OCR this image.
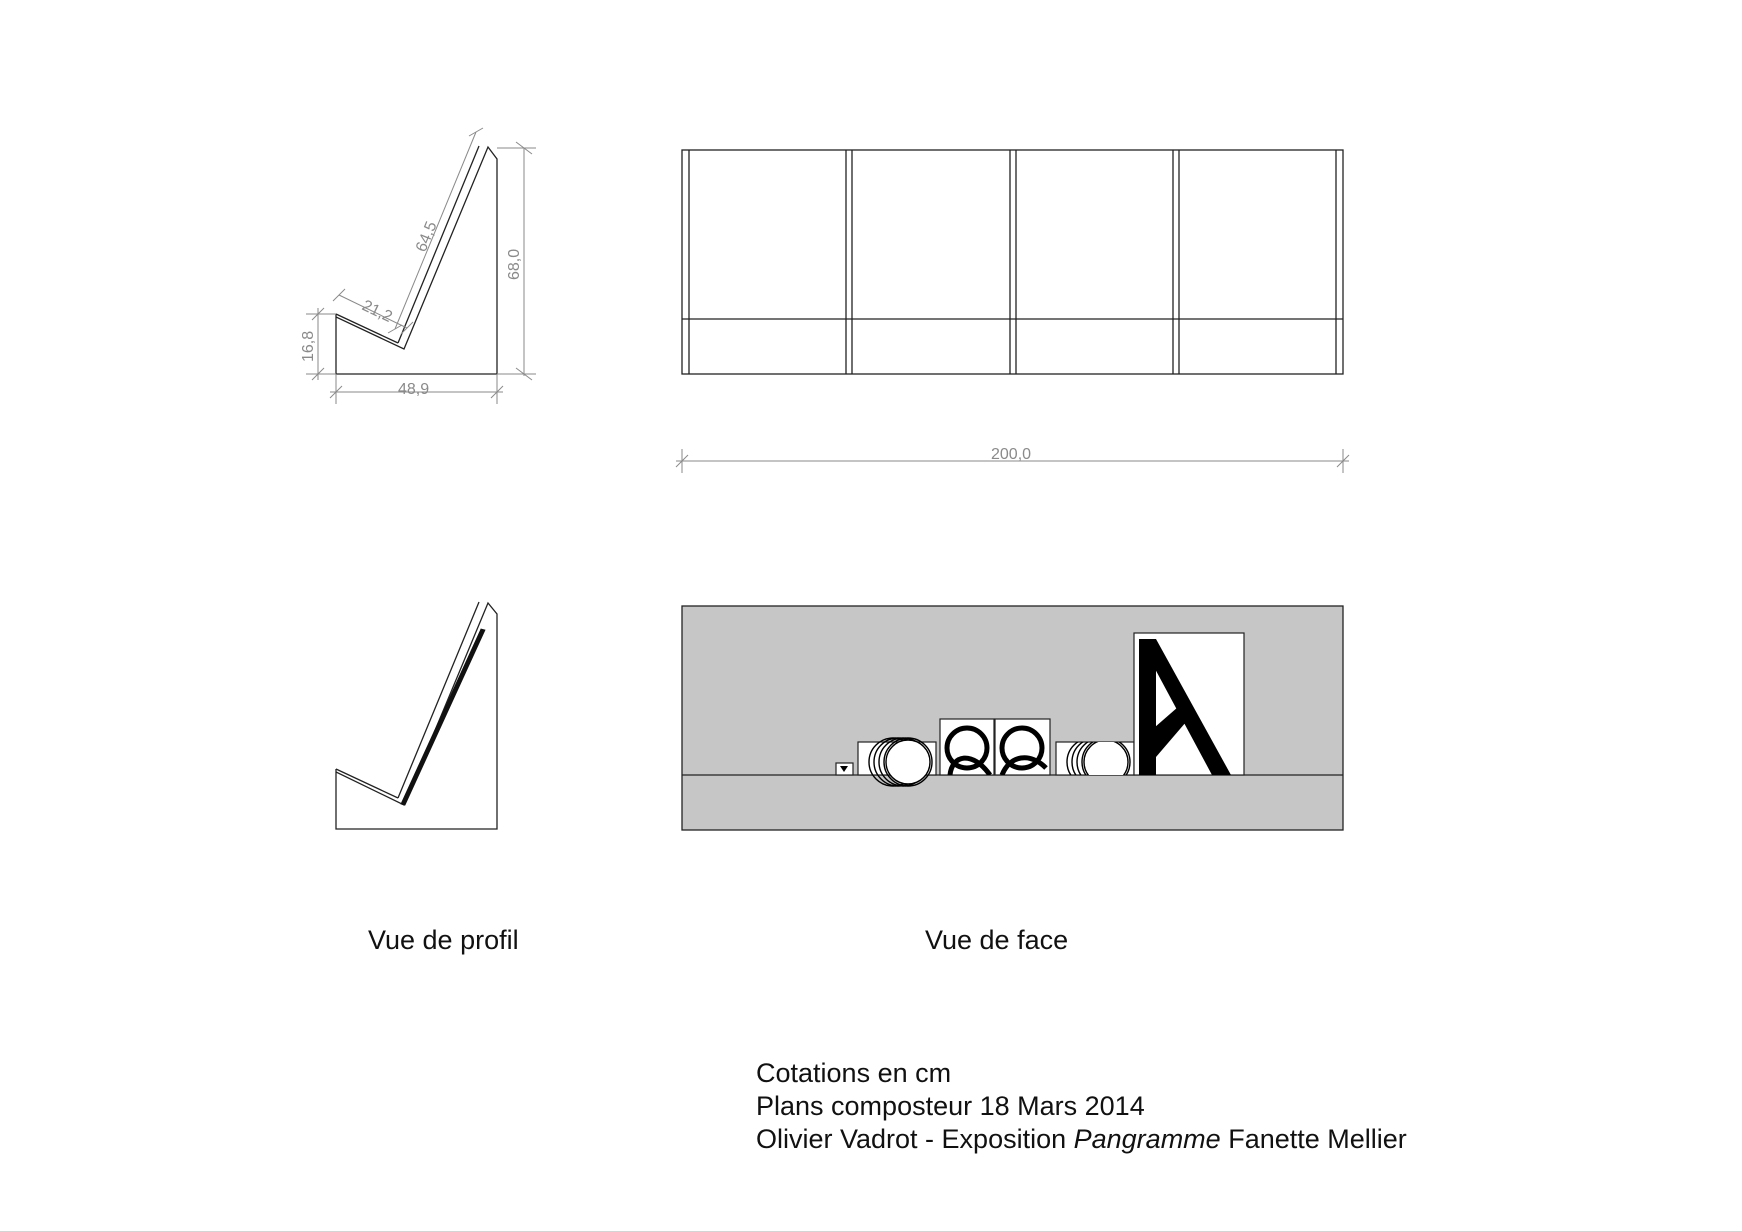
68,0
64,5
21,2
16,8
48,9
200,0
Vue de profil	Vue de face
Cotations en cm
Plans composteur 18 Mars 2014
Olivier Vadrot - Exposition Pangramme Fanette Mellier
